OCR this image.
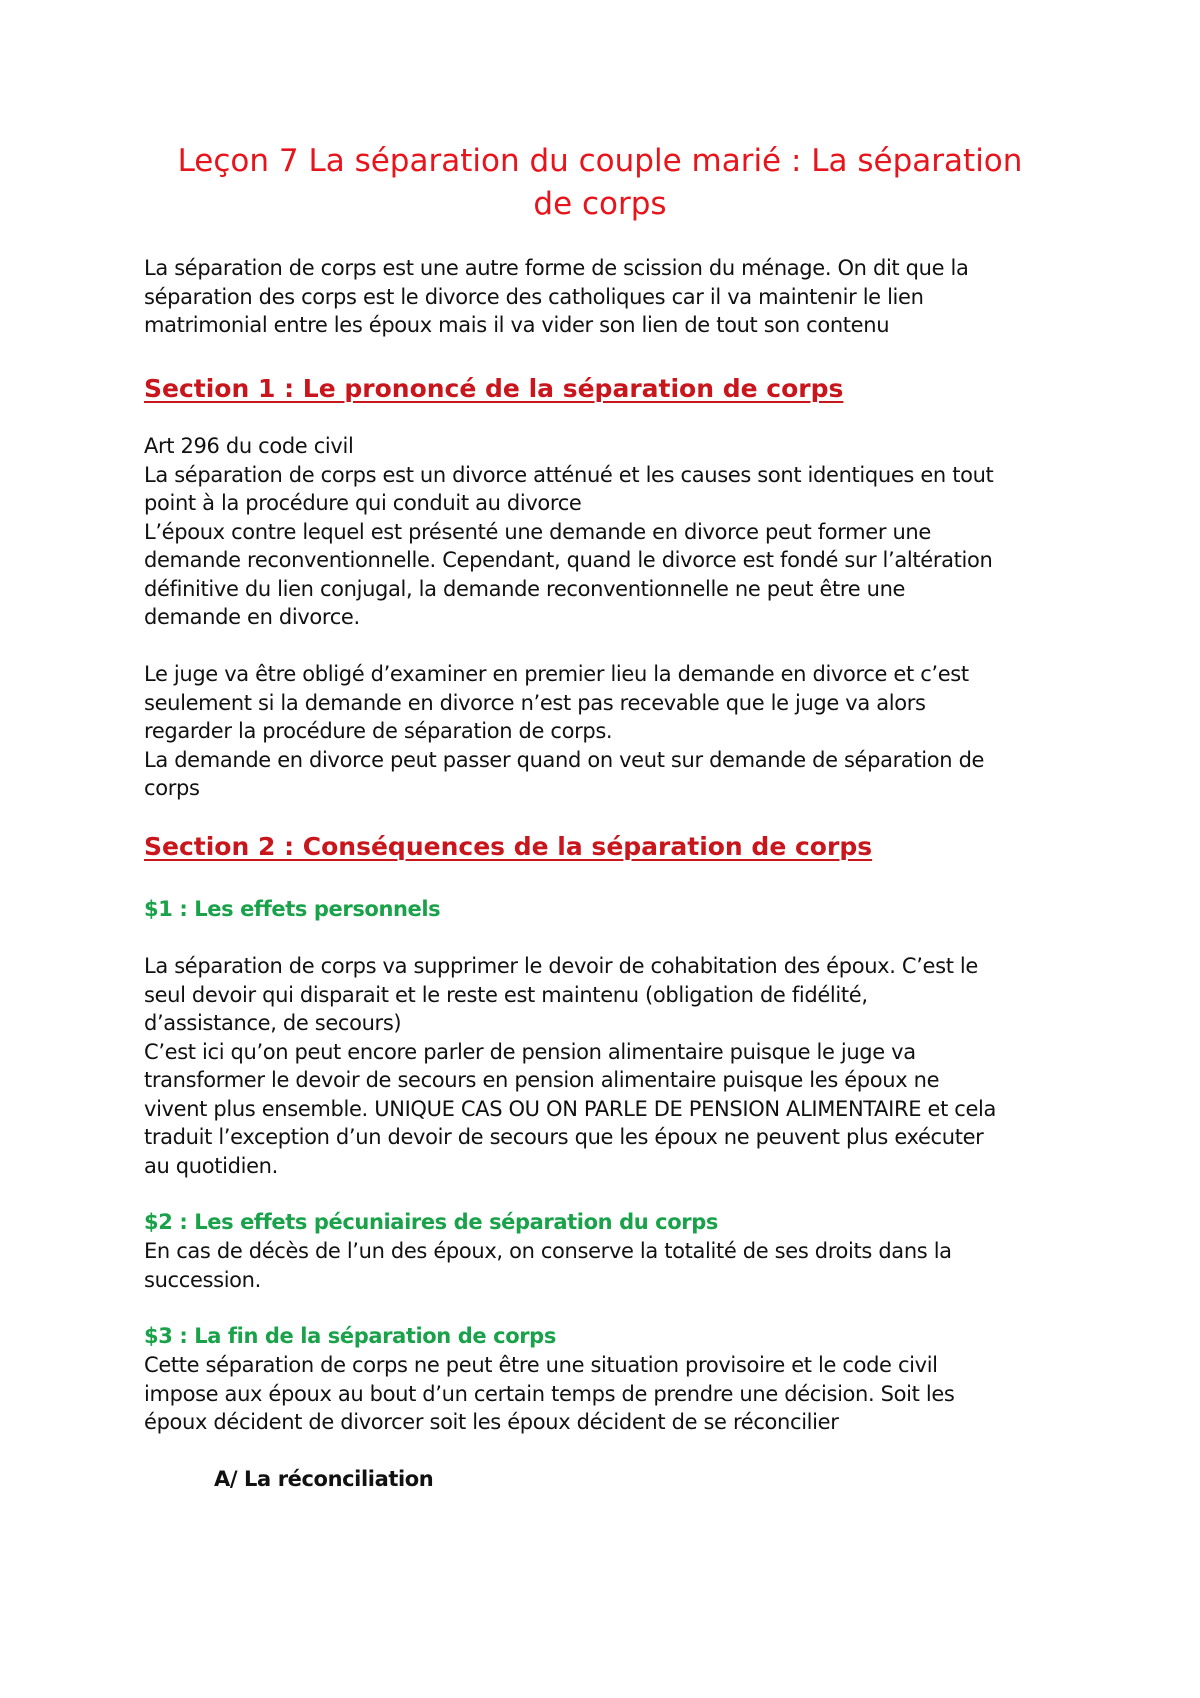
Leçon 7 La séparation du couple marié : La séparation
de corps

La séparation de corps est une autre forme de scission du ménage. On dit que la
séparation des corps est le divorce des catholiques car il va maintenir le lien
matrimonial entre les époux mais il va vider son lien de tout son contenu

Section 1 : Le prononcé de la séparation de corps

Art 296 du code civil
La séparation de corps est un divorce atténué et les causes sont identiques en tout
point à la procédure qui conduit au divorce
L’époux contre lequel est présenté une demande en divorce peut former une
demande reconventionnelle. Cependant, quand le divorce est fondé sur l’altération
définitive du lien conjugal, la demande reconventionnelle ne peut être une
demande en divorce.

Le juge va être obligé d’examiner en premier lieu la demande en divorce et c’est
seulement si la demande en divorce n’est pas recevable que le juge va alors
regarder la procédure de séparation de corps.
La demande en divorce peut passer quand on veut sur demande de séparation de
corps

Section 2 : Conséquences de la séparation de corps
$1 : Les effets personnels

La séparation de corps va supprimer le devoir de cohabitation des époux. C’est le
seul devoir qui disparait et le reste est maintenu (obligation de fidélité,
d’assistance, de secours)
C’est ici qu’on peut encore parler de pension alimentaire puisque le juge va
transformer le devoir de secours en pension alimentaire puisque les époux ne
vivent plus ensemble. UNIQUE CAS OU ON PARLE DE PENSION ALIMENTAIRE et cela
traduit l’exception d’un devoir de secours que les époux ne peuvent plus exécuter
au quotidien.

$2 : Les effets pécuniaires de séparation du corps

En cas de décès de l’un des époux, on conserve la totalité de ses droits dans la
succession.

$3 : La fin de la séparation de corps

Cette séparation de corps ne peut être une situation provisoire et le code civil
impose aux époux au bout d’un certain temps de prendre une décision. Soit les
époux décident de divorcer soit les époux décident de se réconcilier

A/ La réconciliation
